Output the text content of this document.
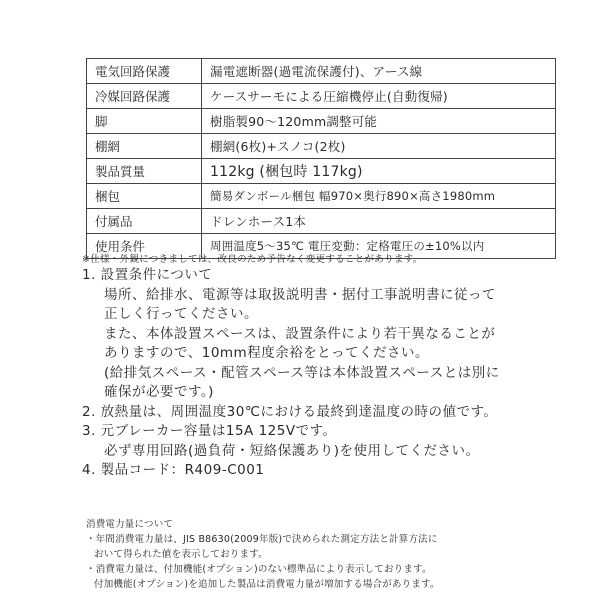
電気回路保護	漏電遮断器(過電流保護付)、アース線
冷媒回路保護	ケースサーモによる圧縮機停止(自動復帰)
脚	樹脂製90～120mm調整可能
棚網	棚網(6枚)+スノコ(2枚)
製品質量	112kg (梱包時 117kg)
梱包	簡易ダンボール梱包 幅970×奥行890×高さ1980mm
付属品	ドレンホース1本
使用条件	周囲温度5～35℃ 電圧変動：定格電圧の±10%以内
※仕様・外観につきましては、改良のため予告なく変更することがあります。
1. 設置条件について
場所、給排水、電源等は取扱説明書・据付工事説明書に従って
正しく行ってください。
また、本体設置スペースは、設置条件により若干異なることが
ありますので、10mm程度余裕をとってください。
(給排気スペース・配管スペース等は本体設置スペースとは別に
確保が必要です。)
2. 放熱量は、周囲温度30℃における最終到達温度の時の値です。
3. 元ブレーカー容量は15A 125Vです。
必ず専用回路(過負荷・短絡保護あり)を使用してください。
4. 製品コード：R409-C001
消費電力量について
・年間消費電力量は、JIS B8630(2009年版)で決められた測定方法と計算方法に
おいて得られた値を表示しております。
・消費電力量は、付加機能(オプション)のない標準品により表示しております。
付加機能(オプション)を追加した製品は消費電力量が増加する場合があります。
